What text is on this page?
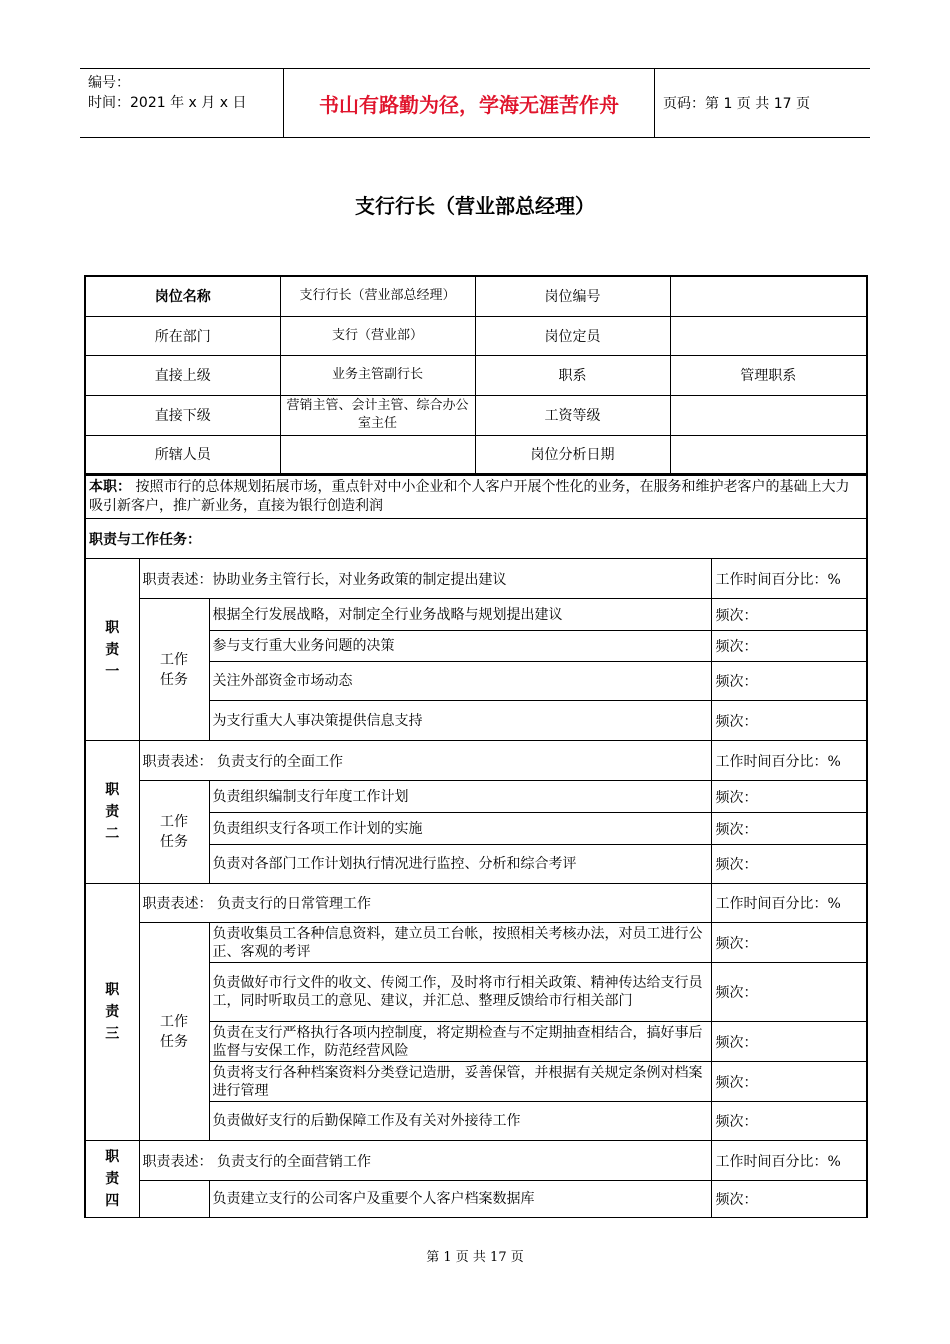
编号：
时间：2021 年 x 月 x 日	书山有路勤为径，学海无涯苦作舟	页码：第 1 页 共 17 页
支行行长（营业部总经理）
岗位名称	支行行长（营业部总经理）	岗位编号	
所在部门	支行（营业部）	岗位定员	
直接上级	业务主管副行长	职系	管理职系
直接下级	营销主管、会计主管、综合办公室主任	工资等级	
所辖人员		岗位分析日期	
本职： 按照市行的总体规划拓展市场，重点针对中小企业和个人客户开展个性化的业务，在服务和维护老客户的基础上大力吸引新客户，推广新业务，直接为银行创造利润			
职责与工作任务：			
职责一	职责表述：协助业务主管行长，对业务政策的制定提出建议		工作时间百分比：%
	工作任务	根据全行发展战略，对制定全行业务战略与规划提出建议	频次：
		参与支行重大业务问题的决策	频次：
		关注外部资金市场动态	频次：
		为支行重大人事决策提供信息支持	频次：
职责二	职责表述： 负责支行的全面工作		工作时间百分比：%
	工作任务	负责组织编制支行年度工作计划	频次：
		负责组织支行各项工作计划的实施	频次：
		负责对各部门工作计划执行情况进行监控、分析和综合考评	频次：
职责三	职责表述： 负责支行的日常管理工作		工作时间百分比：%
	工作任务	负责收集员工各种信息资料，建立员工台帐，按照相关考核办法，对员工进行公正、客观的考评	频次：
		负责做好市行文件的收文、传阅工作，及时将市行相关政策、精神传达给支行员工，同时听取员工的意见、建议，并汇总、整理反馈给市行相关部门	频次：
		负责在支行严格执行各项内控制度，将定期检查与不定期抽查相结合，搞好事后监督与安保工作，防范经营风险	频次：
		负责将支行各种档案资料分类登记造册，妥善保管，并根据有关规定条例对档案进行管理	频次：
		负责做好支行的后勤保障工作及有关对外接待工作	频次：
职责四	职责表述： 负责支行的全面营销工作		工作时间百分比：%
		负责建立支行的公司客户及重要个人客户档案数据库	频次：
第 1 页 共 17 页
